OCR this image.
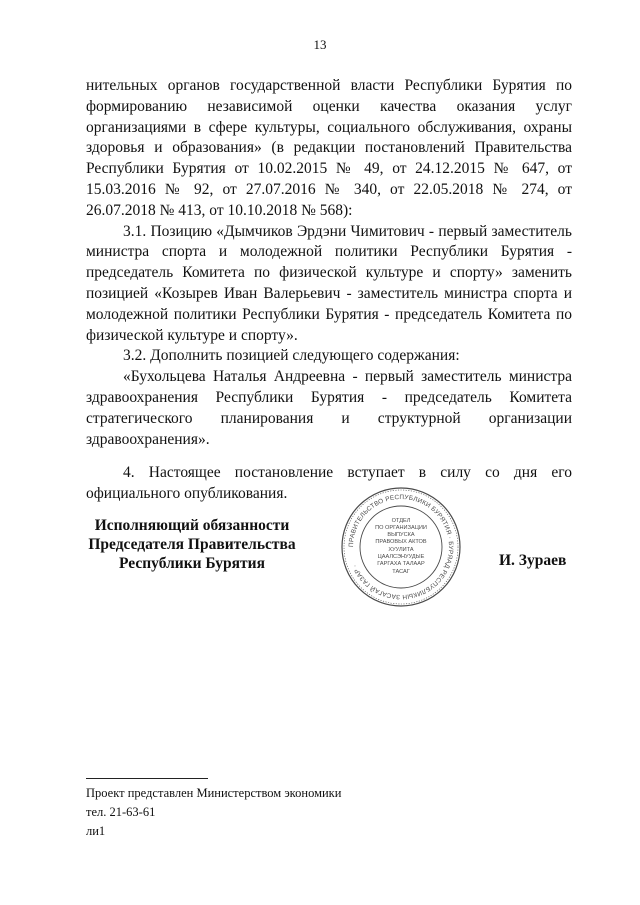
13

нительных органов государственной власти Республики Бурятия по формированию независимой оценки качества оказания услуг организациями в сфере культуры, социального обслуживания, охраны здоровья и образования» (в редакции постановлений Правительства Республики Бурятия от 10.02.2015 № 49, от 24.12.2015 № 647, от 15.03.2016 № 92, от 27.07.2016 № 340, от 22.05.2018 № 274, от 26.07.2018 № 413, от 10.10.2018 № 568):

3.1. Позицию «Дымчиков Эрдэни Чимитович - первый заместитель министра спорта и молодежной политики Республики Бурятия - председатель Комитета по физической культуре и спорту» заменить позицией «Козырев Иван Валерьевич - заместитель министра спорта и молодежной политики Республики Бурятия - председатель Комитета по физической культуре и спорту».

3.2. Дополнить позицией следующего содержания:

«Бухольцева Наталья Андреевна - первый заместитель министра здравоохранения Республики Бурятия - председатель Комитета стратегического планирования и структурной организации здравоохранения».

4. Настоящее постановление вступает в силу со дня его официального опубликования.

Исполняющий обязанности
Председателя Правительства
Республики Бурятия
ПРАВИТЕЛЬСТВО РЕСПУБЛИКИ БУРЯТИЯ · БУРЯАД РЕСПУБЛИКЫН ЗАСАГАЙ ГАЗАР ·
ОТДЕЛ
ПО ОРГАНИЗАЦИИ
ВЫПУСКА
ПРАВОВЫХ АКТОВ
ХУУЛИТА
ЦААЛСЭНУУДЫЕ
ГАРГАХА ТАЛААР
ТАСАГ
И. Зураев
Проект представлен Министерством экономики
тел. 21-63-61
ли1
